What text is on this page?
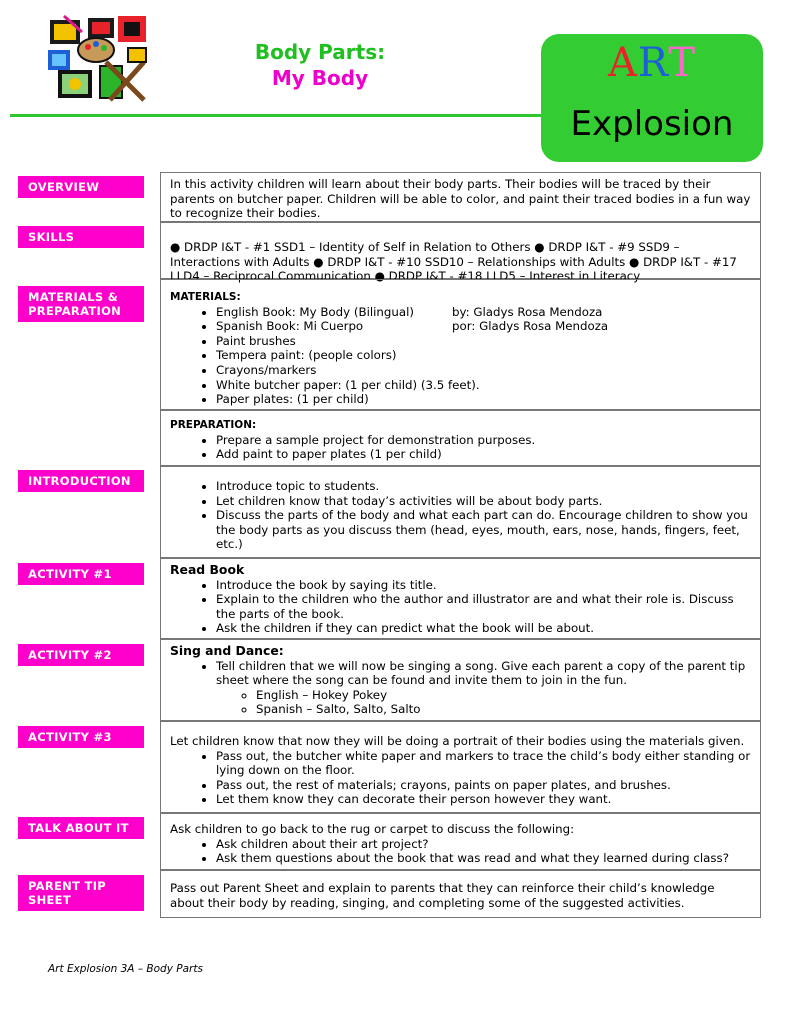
Body Parts:
My Body	ART
Explosion
OVERVIEW	In this activity children will learn about their body parts. Their bodies will be traced by their parents on butcher paper. Children will be able to color, and paint their traced bodies in a fun way to recognize their bodies.

SKILLS

● DRDP I&T - #1 SSD1 – Identity of Self in Relation to Others ● DRDP I&T - #9 SSD9 – Interactions with Adults ● DRDP I&T - #10 SSD10 – Relationships with Adults ● DRDP I&T - #17 LLD4 – Reciprocal Communication ● DRDP I&T - #18 LLD5 – Interest in Literacy

MATERIALS & PREPARATION
MATERIALS:
• English Book: My Body (Bilingual)	by: Gladys Rosa Mendoza
• Spanish Book: Mi Cuerpo	por: Gladys Rosa Mendoza
• Paint brushes
• Tempera paint: (people colors)
• Crayons/markers
• White butcher paper: (1 per child) (3.5 feet).
• Paper plates: (1 per child)
PREPARATION:
• Prepare a sample project for demonstration purposes.
• Add paint to paper plates (1 per child)
INTRODUCTION
•	Introduce topic to students.
• Let children know that today’s activities will be about body parts.
• Discuss the parts of the body and what each part can do. Encourage children to show you the body parts as you discuss them (head, eyes, mouth, ears, nose, hands, fingers, feet, etc.)
ACTIVITY #1	Read Book
• Introduce the book by saying its title.
• Explain to the children who the author and illustrator are and what their role is. Discuss the parts of the book.
• Ask the children if they can predict what the book will be about.
ACTIVITY #2	Sing and Dance:
• Tell children that we will now be singing a song. Give each parent a copy of the parent tip sheet where the song can be found and invite them to join in the fun.
◦ English – Hokey Pokey
◦ Spanish – Salto, Salto, Salto
ACTIVITY #3	Let children know that now they will be doing a portrait of their bodies using the materials given.

• Pass out, the butcher white paper and markers to trace the child’s body either standing or lying down on the floor.
• Pass out, the rest of materials; crayons, paints on paper plates, and brushes.
• Let them know they can decorate their person however they want.
TALK ABOUT IT	Ask children to go back to the rug or carpet to discuss the following:

• Ask children about their art project?
• Ask them questions about the book that was read and what they learned during class?
PARENT TIP SHEET

Pass out Parent Sheet and explain to parents that they can reinforce their child’s knowledge about their body by reading, singing, and completing some of the suggested activities.

Art Explosion 3A – Body Parts
